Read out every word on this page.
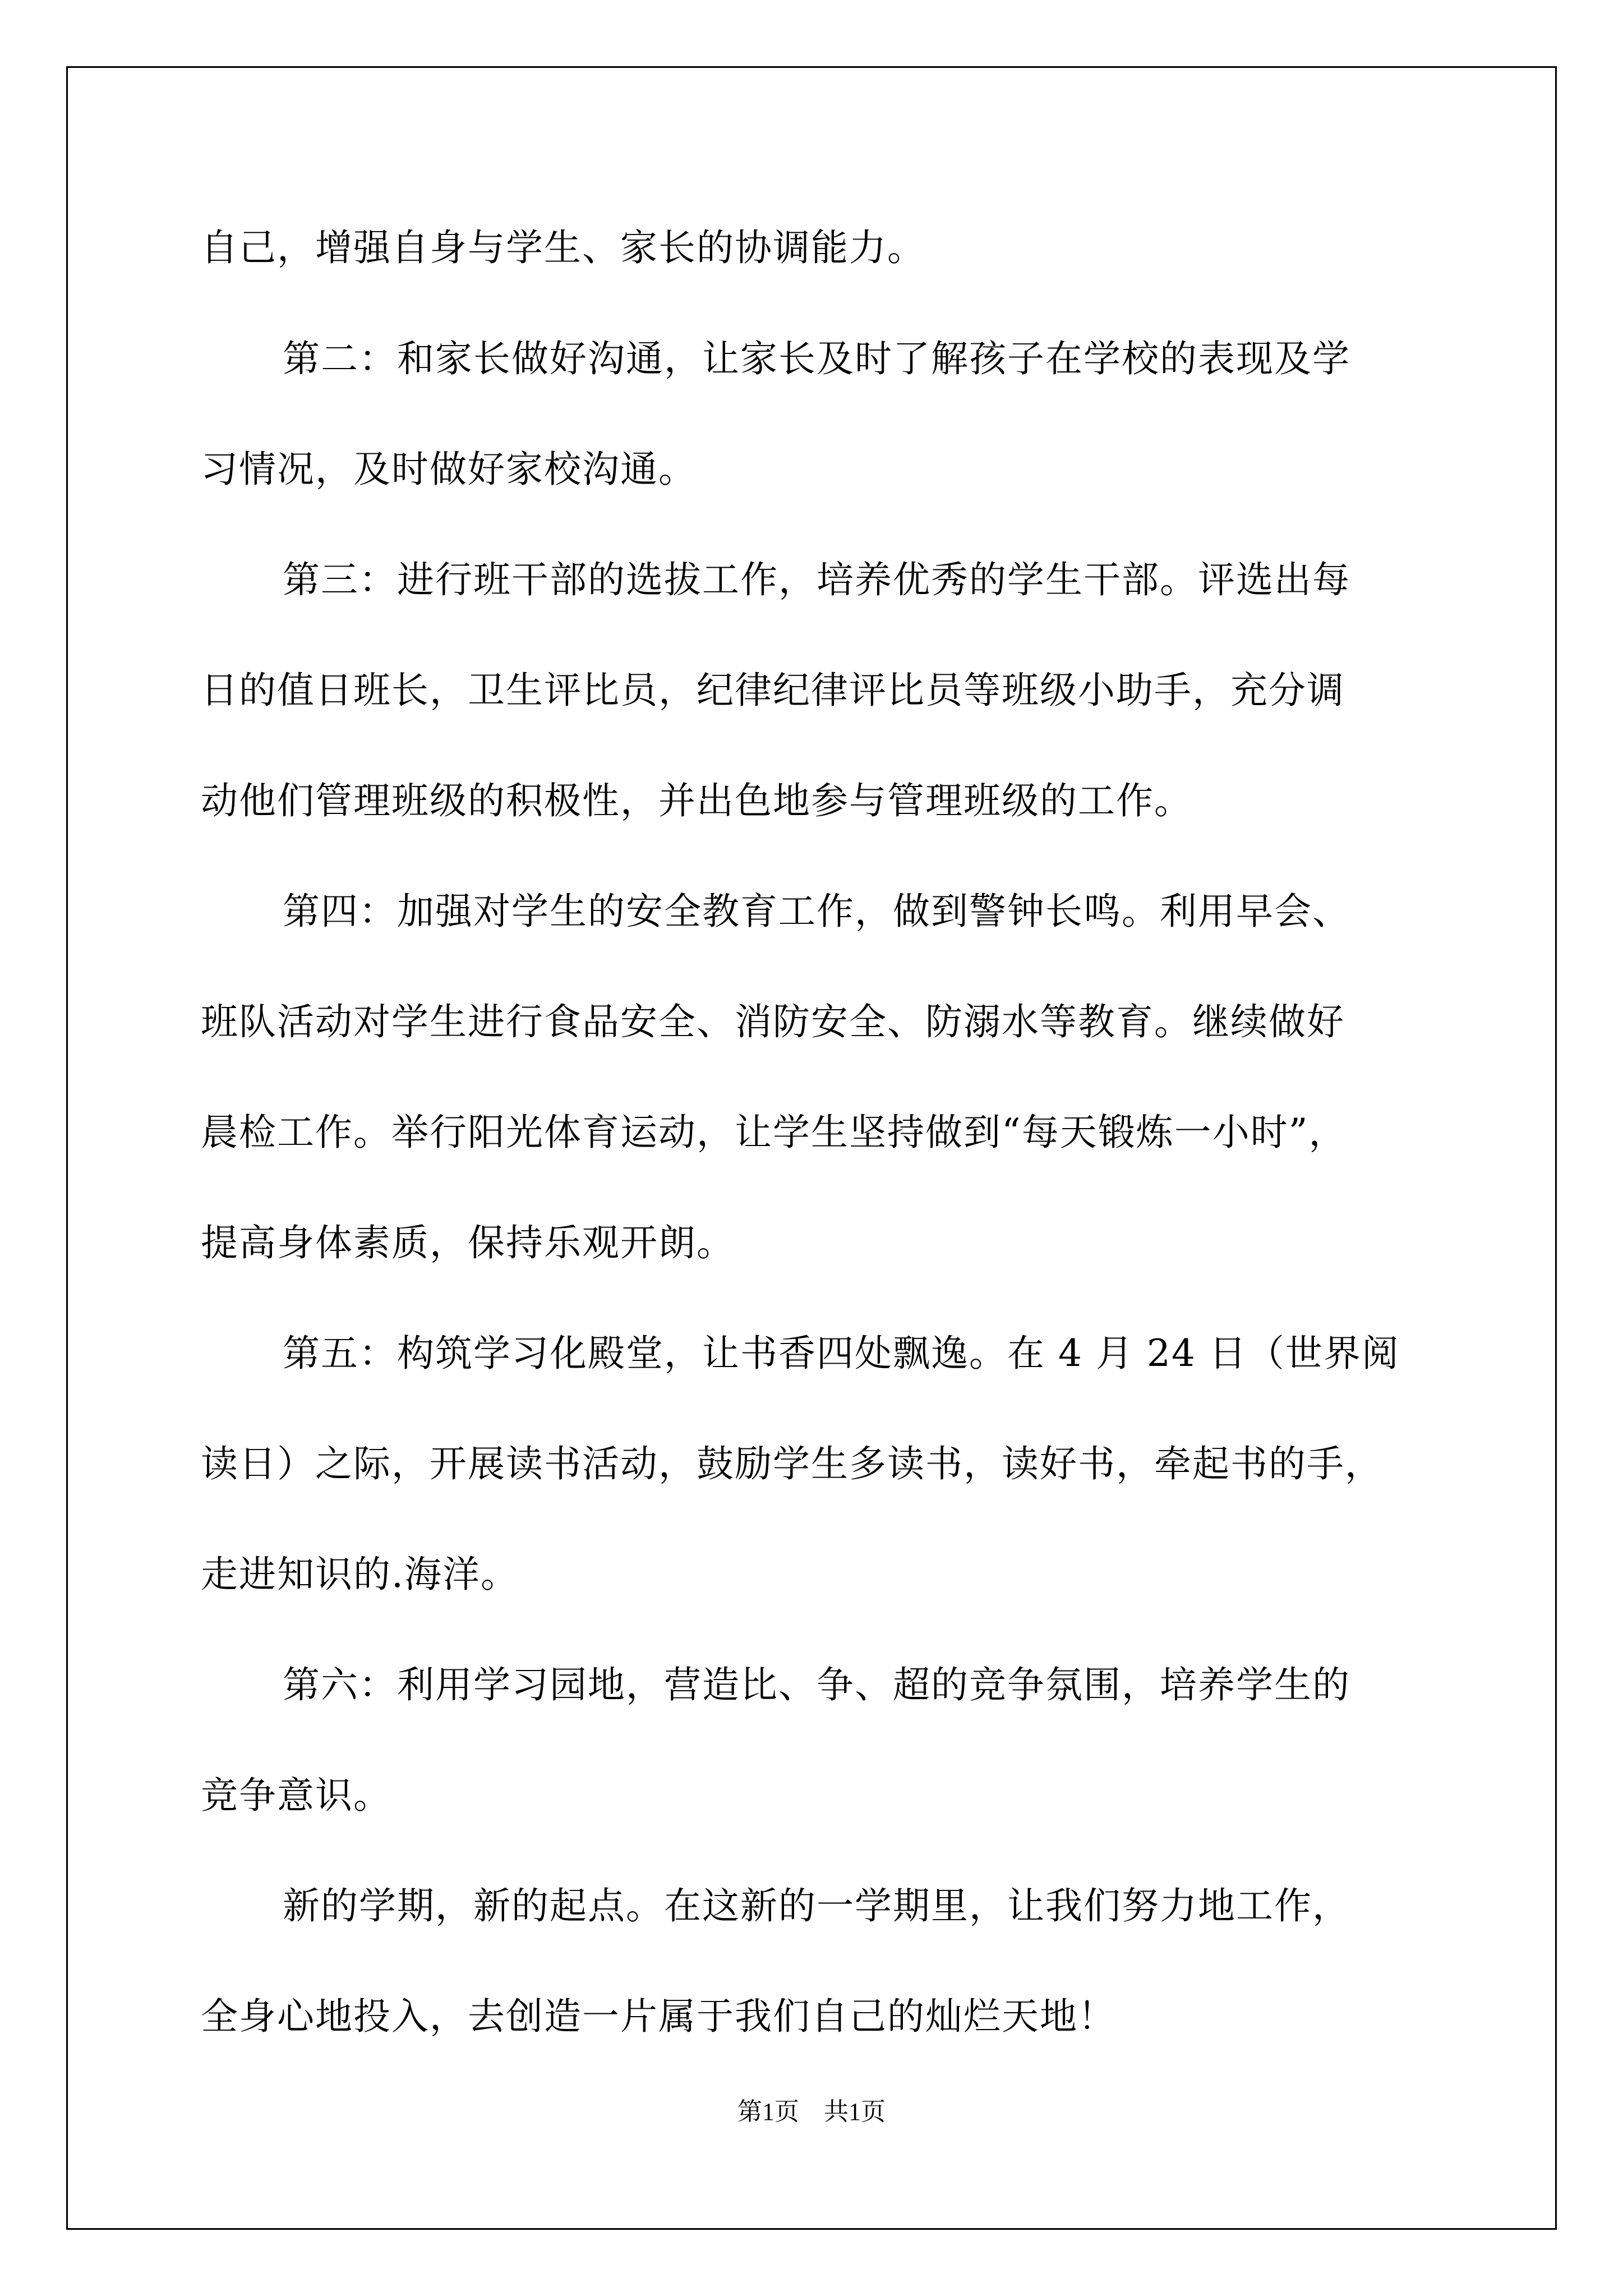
自己，增强自身与学生、家长的协调能力。
第二：和家长做好沟通，让家长及时了解孩子在学校的表现及学
习情况，及时做好家校沟通。
第三：进行班干部的选拔工作，培养优秀的学生干部。评选出每
日的值日班长，卫生评比员，纪律纪律评比员等班级小助手，充分调
动他们管理班级的积极性，并出色地参与管理班级的工作。
第四：加强对学生的安全教育工作，做到警钟长鸣。利用早会、
班队活动对学生进行食品安全、消防安全、防溺水等教育。继续做好
晨检工作。举行阳光体育运动，让学生坚持做到“每天锻炼一小时”，
提高身体素质，保持乐观开朗。
第五：构筑学习化殿堂，让书香四处飘逸。在 4 月 24 日（世界阅
读日）之际，开展读书活动，鼓励学生多读书，读好书，牵起书的手，
走进知识的.海洋。
第六：利用学习园地，营造比、争、超的竞争氛围，培养学生的
竞争意识。
新的学期，新的起点。在这新的一学期里，让我们努力地工作，
全身心地投入，去创造一片属于我们自己的灿烂天地！
第1页 共1页
